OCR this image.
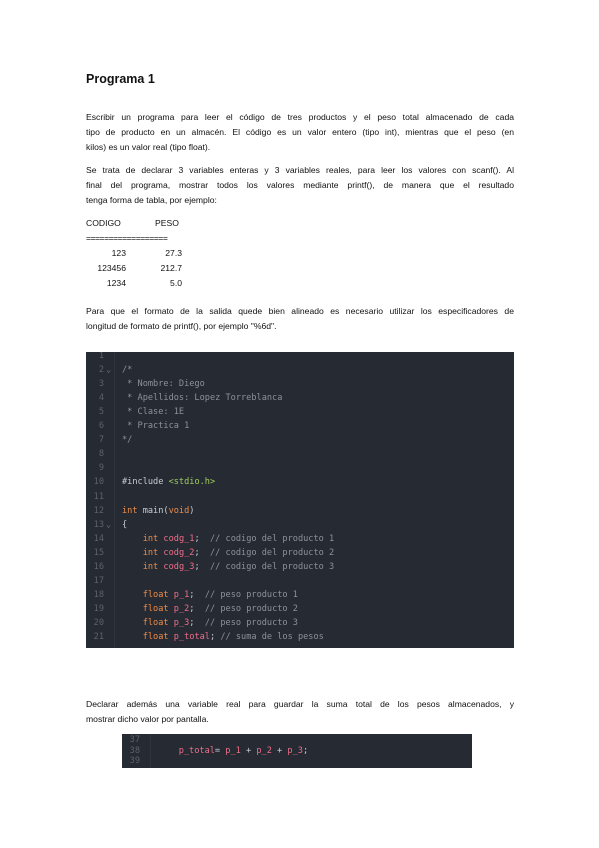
Programa 1
Escribir un programa para leer el código de tres productos y el peso total almacenado de cada
tipo de producto en un almacén. El código es un valor entero (tipo int), mientras que el peso (en
kilos) es un valor real (tipo float).
Se trata de declarar 3 variables enteras y 3 variables reales, para leer los valores con scanf(). Al
final del programa, mostrar todos los valores mediante printf(), de manera que el resultado
tenga forma de tabla, por ejemplo:
CODIGO	PESO
==================
123	27.3
123456	212.7
1234	5.0
Para que el formato de la salida quede bien alineado es necesario utilizar los especificadores de
longitud de formato de printf(), por ejemplo "%6d".
1
2 ⌄ /*
3 * Nombre: Diego
4 * Apellidos: Lopez Torreblanca
5 * Clase: 1E
6 * Practica 1
7 */
8
9
10 #include <stdio.h>
11
12 int main(void)
13 ⌄ {
14	int codg_1;  // codigo del producto 1
15	int codg_2;  // codigo del producto 2
16	int codg_3;  // codigo del producto 3
17
18	float p_1;  // peso producto 1
19	float p_2;  // peso producto 2
20	float p_3;  // peso producto 3
21	float p_total; // suma de los pesos
Declarar además una variable real para guardar la suma total de los pesos almacenados, y
mostrar dicho valor por pantalla.
37
38	p_total= p_1 + p_2 + p_3;
39
